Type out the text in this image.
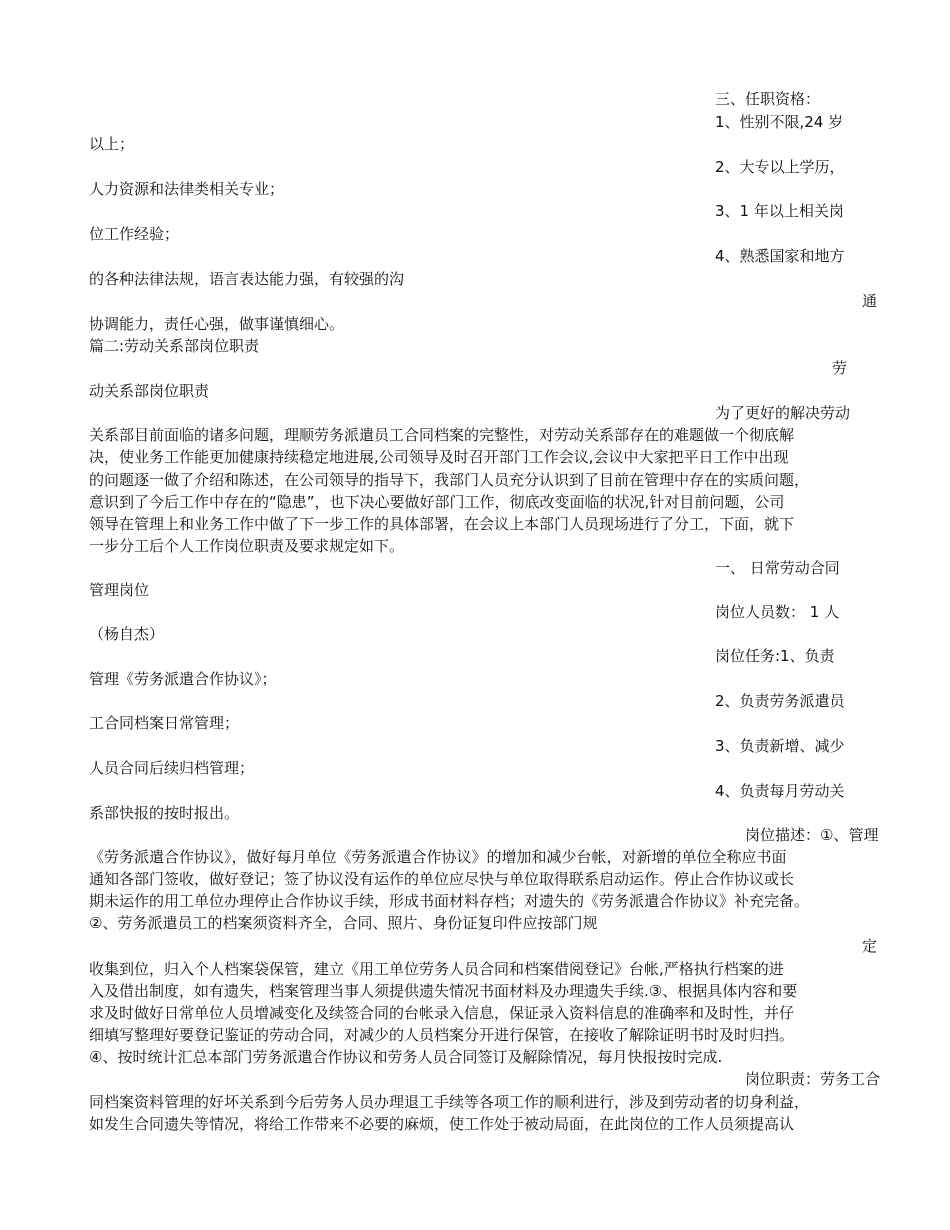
三、任职资格：
1、性别不限,24 岁
以上；
2、大专以上学历，
人力资源和法律类相关专业；
3、1 年以上相关岗
位工作经验；
4、熟悉国家和地方
的各种法律法规，语言表达能力强，有较强的沟
通
协调能力，责任心强，做事谨慎细心。
篇二:劳动关系部岗位职责
劳
动关系部岗位职责
为了更好的解决劳动
关系部目前面临的诸多问题，理顺劳务派遣员工合同档案的完整性，对劳动关系部存在的难题做一个彻底解
决，使业务工作能更加健康持续稳定地进展,公司领导及时召开部门工作会议,会议中大家把平日工作中出现
的问题逐一做了介绍和陈述，在公司领导的指导下，我部门人员充分认识到了目前在管理中存在的实质问题，
意识到了今后工作中存在的“隐患”，也下决心要做好部门工作，彻底改变面临的状况,针对目前问题，公司
领导在管理上和业务工作中做了下一步工作的具体部署，在会议上本部门人员现场进行了分工，下面，就下
一步分工后个人工作岗位职责及要求规定如下。
一、 日常劳动合同
管理岗位
岗位人员数： 1 人
（杨自杰）
岗位任务:1、负责
管理《劳务派遣合作协议》；
2、负责劳务派遣员
工合同档案日常管理；
3、负责新增、减少
人员合同后续归档管理；
4、负责每月劳动关
系部快报的按时报出。
岗位描述：①、管理
《劳务派遣合作协议》，做好每月单位《劳务派遣合作协议》的增加和减少台帐，对新增的单位全称应书面
通知各部门签收，做好登记；签了协议没有运作的单位应尽快与单位取得联系启动运作。停止合作协议或长
期未运作的用工单位办理停止合作协议手续，形成书面材料存档；对遗失的《劳务派遣合作协议》补充完备。
②、劳务派遣员工的档案须资料齐全，合同、照片、身份证复印件应按部门规
定
收集到位，归入个人档案袋保管，建立《用工单位劳务人员合同和档案借阅登记》台帐,严格执行档案的进
入及借出制度，如有遗失，档案管理当事人须提供遗失情况书面材料及办理遗失手续.③、根据具体内容和要
求及时做好日常单位人员增减变化及续签合同的台帐录入信息，保证录入资料信息的准确率和及时性，并仔
细填写整理好要登记鉴证的劳动合同，对减少的人员档案分开进行保管，在接收了解除证明书时及时归挡。
④、按时统计汇总本部门劳务派遣合作协议和劳务人员合同签订及解除情况，每月快报按时完成.
岗位职责：劳务工合
同档案资料管理的好坏关系到今后劳务人员办理退工手续等各项工作的顺利进行，涉及到劳动者的切身利益，
如发生合同遗失等情况，将给工作带来不必要的麻烦，使工作处于被动局面，在此岗位的工作人员须提高认
